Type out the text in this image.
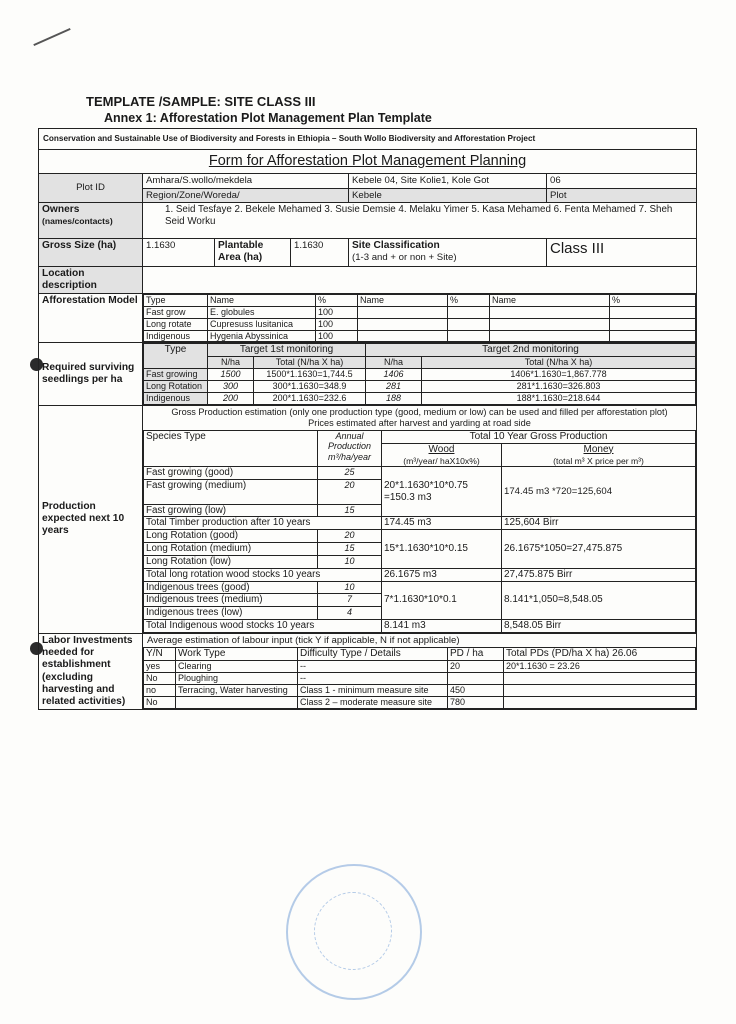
TEMPLATE /SAMPLE: SITE CLASS III
Annex 1: Afforestation Plot Management Plan Template
Conservation and Sustainable Use of Biodiversity and Forests in Ethiopia – South Wollo Biodiversity and Afforestation Project
Form for Afforestation Plot Management Planning
Plot ID	Amhara/S.wollo/mekdela	Kebele 04, Site Kolie1, Kole Got	06
Region/Zone/Woreda/	Kebele	Plot

Owners
(names/contacts)
	1. Seid Tesfaye 2. Bekele Mehamed 3. Susie Demsie 4. Melaku Yimer 5. Kasa Mehamed 6. Fenta Mehamed 7. Sheh Seid Worku
Gross Size (ha)	1.1630	Plantable Area (ha)	1.1630	Site Classification
(1-3 and + or non + Site)
	Class III
Location description	
Afforestation Model	Type	Name	%	Name	%	Name	%
Fast grow	E. globules	100				
Long rotate	Cupresuss lusitanica	100				
Indigenous	Hygenia Abyssinica	100				

Required surviving seedlings per ha	
Type	Target 1st monitoring	Target 2nd monitoring
N/ha	Total (N/ha X ha)	N/ha	Total (N/ha X ha)
Fast growing	1500	1500*1.1630=1,744.5	1406	1406*1.1630=1,867.778
Long Rotation	300	300*1.1630=348.9	281	281*1.1630=326.803
Indigenous	200	200*1.1630=232.6	188	188*1.1630=218.644

Production expected next 10 years	
Gross Production estimation (only one production type (good, medium or low) can be used and filled per afforestation plot) Prices estimated after harvest and yarding at road side
Species Type	Annual Production m³/ha/year	Total 10 Year Gross Production

Wood
(m³/year/ haX10x%)

Money
(total m³ X price per m³)

Fast growing (good)	25	20*1.1630*10*0.75 =150.3 m3	174.45 m3 *720=125,604
Fast growing (medium)	20
Fast growing (low)	15
Total Timber production after 10 years	174.45 m3	125,604 Birr
Long Rotation (good)	20	15*1.1630*10*0.15	26.1675*1050=27,475.875
Long Rotation (medium)	15
Long Rotation (low)	10
Total long rotation wood stocks 10 years	26.1675 m3	27,475.875 Birr
Indigenous trees (good)	10	7*1.1630*10*0.1	8.141*1,050=8,548.05
Indigenous trees (medium)	7
Indigenous trees (low)	4
Total Indigenous wood stocks 10 years	8.141 m3	8,548.05 Birr

Labor Investments needed for establishment (excluding harvesting and related activities)	
Average estimation of labour input (tick Y if applicable, N if not applicable)
Y/N	Work Type	Difficulty Type / Details	PD / ha	Total PDs (PD/ha X ha) 26.06
yes	Clearing	--	20	20*1.1630 = 23.26
No	Ploughing	--		
no	Terracing, Water harvesting	Class 1 - minimum measure site	450	
No		Class 2 – moderate measure site	780	
